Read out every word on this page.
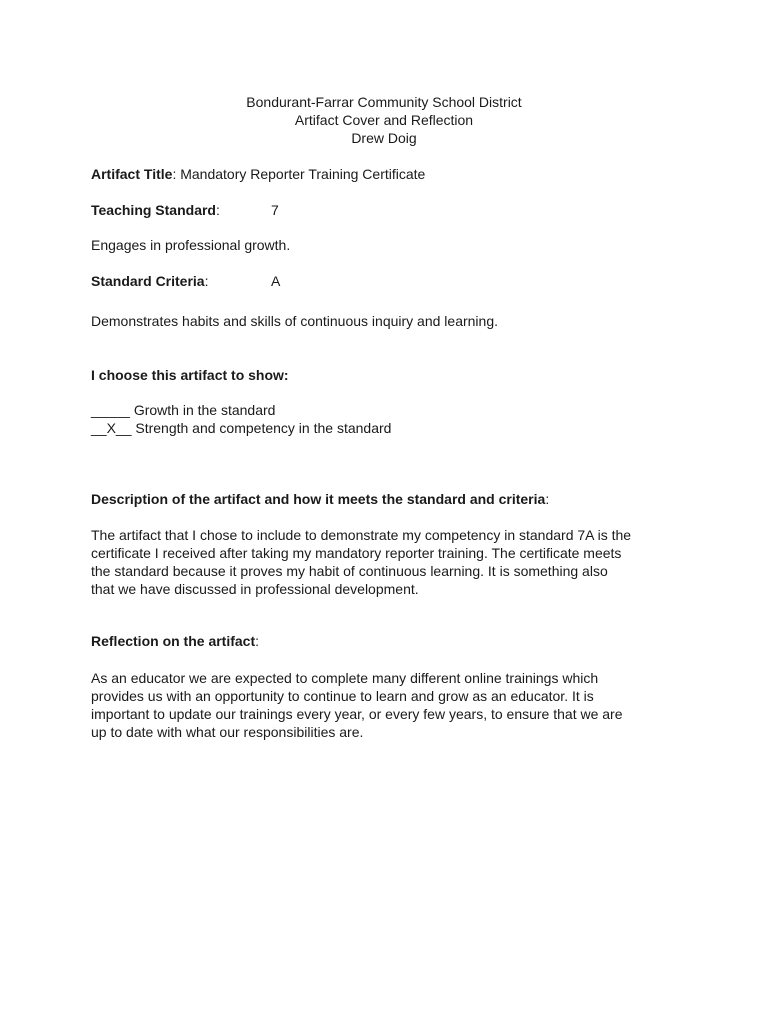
Bondurant-Farrar Community School District
Artifact Cover and Reflection
Drew Doig
Artifact Title: Mandatory Reporter Training Certificate
Teaching Standard:	7
Engages in professional growth.
Standard Criteria:	A
Demonstrates habits and skills of continuous inquiry and learning.
I choose this artifact to show:
_____ Growth in the standard
__X__ Strength and competency in the standard
Description of the artifact and how it meets the standard and criteria:
The artifact that I chose to include to demonstrate my competency in standard 7A is the
certificate I received after taking my mandatory reporter training. The certificate meets
the standard because it proves my habit of continuous learning. It is something also
that we have discussed in professional development.
Reflection on the artifact:
As an educator we are expected to complete many different online trainings which
provides us with an opportunity to continue to learn and grow as an educator. It is
important to update our trainings every year, or every few years, to ensure that we are
up to date with what our responsibilities are.
